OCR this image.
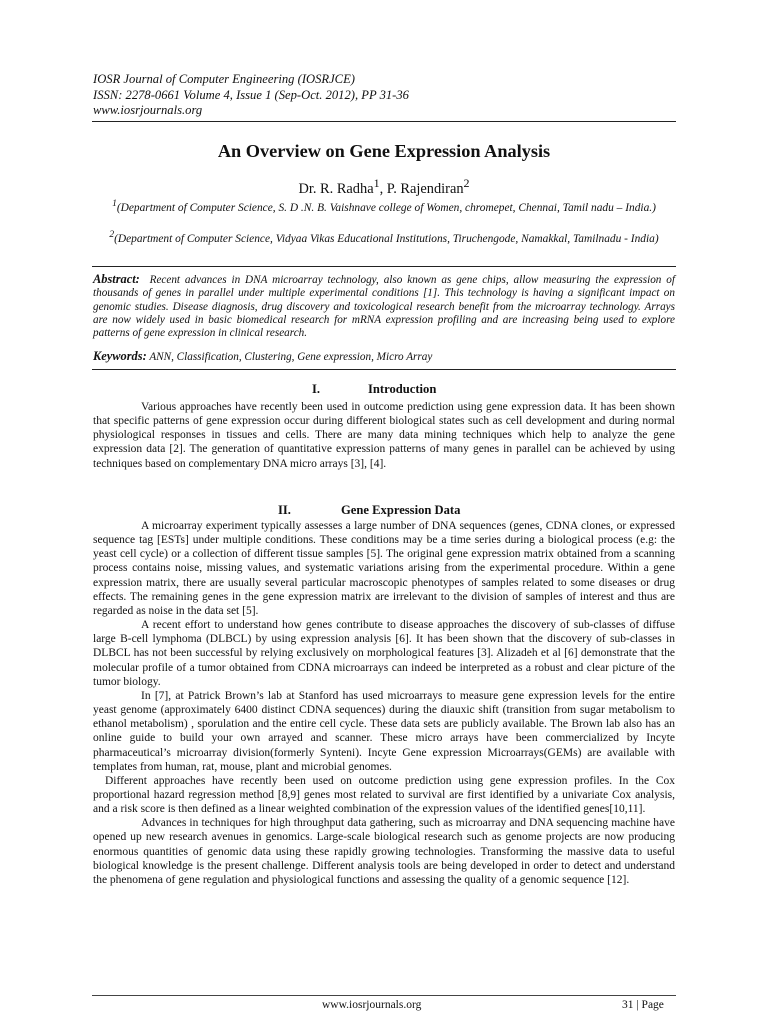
IOSR Journal of Computer Engineering (IOSRJCE)
ISSN: 2278-0661 Volume 4, Issue 1 (Sep-Oct. 2012), PP 31-36
www.iosrjournals.org
An Overview on Gene Expression Analysis
Dr. R. Radha$^1$, P. Rajendiran$^2$
$^1$(Department of Computer Science, S. D .N. B. Vaishnave college of Women, chromepet, Chennai, Tamil nadu – India.)
$^2$(Department of Computer Science, Vidyaa Vikas Educational Institutions, Tiruchengode, Namakkal, Tamilnadu - India)
Abstract: Recent advances in DNA microarray technology, also known as gene chips, allow measuring the expression of thousands of genes in parallel under multiple experimental conditions [1]. This technology is having a significant impact on genomic studies. Disease diagnosis, drug discovery and toxicological research benefit from the microarray technology. Arrays are now widely used in basic biomedical research for mRNA expression profiling and are increasing being used to explore patterns of gene expression in clinical research.
Keywords: ANN, Classification, Clustering, Gene expression, Micro Array
I.	Introduction

Various approaches have recently been used in outcome prediction using gene expression data. It has been shown that specific patterns of gene expression occur during different biological states such as cell development and during normal physiological responses in tissues and cells. There are many data mining techniques which help to analyze the gene expression data [2]. The generation of quantitative expression patterns of many genes in parallel can be achieved by using techniques based on complementary DNA micro arrays [3], [4].

II.	Gene Expression Data

A microarray experiment typically assesses a large number of DNA sequences (genes, CDNA clones, or expressed sequence tag [ESTs] under multiple conditions. These conditions may be a time series during a biological process (e.g: the yeast cell cycle) or a collection of different tissue samples [5]. The original gene expression matrix obtained from a scanning process contains noise, missing values, and systematic variations arising from the experimental procedure. Within a gene expression matrix, there are usually several particular macroscopic phenotypes of samples related to some diseases or drug effects. The remaining genes in the gene expression matrix are irrelevant to the division of samples of interest and thus are regarded as noise in the data set [5].

A recent effort to understand how genes contribute to disease approaches the discovery of sub-classes of diffuse large B-cell lymphoma (DLBCL) by using expression analysis [6]. It has been shown that the discovery of sub-classes in DLBCL has not been successful by relying exclusively on morphological features [3]. Alizadeh et al [6] demonstrate that the molecular profile of a tumor obtained from CDNA microarrays can indeed be interpreted as a robust and clear picture of the tumor biology.

In [7], at Patrick Brown’s lab at Stanford has used microarrays to measure gene expression levels for the entire yeast genome (approximately 6400 distinct CDNA sequences) during the diauxic shift (transition from sugar metabolism to ethanol metabolism) , sporulation and the entire cell cycle. These data sets are publicly available. The Brown lab also has an online guide to build your own arrayed and scanner. These micro arrays have been commercialized by Incyte pharmaceutical’s microarray division(formerly Synteni). Incyte Gene expression Microarrays(GEMs) are available with templates from human, rat, mouse, plant and microbial genomes.

Different approaches have recently been used on outcome prediction using gene expression profiles. In the Cox proportional hazard regression method [8,9] genes most related to survival are first identified by a univariate Cox analysis, and a risk score is then defined as a linear weighted combination of the expression values of the identified genes[10,11].

Advances in techniques for high throughput data gathering, such as microarray and DNA sequencing machine have opened up new research avenues in genomics. Large-scale biological research such as genome projects are now producing enormous quantities of genomic data using these rapidly growing technologies. Transforming the massive data to useful biological knowledge is the present challenge. Different analysis tools are being developed in order to detect and understand the phenomena of gene regulation and physiological functions and assessing the quality of a genomic sequence [12].

www.iosrjournals.org	31 | Page
